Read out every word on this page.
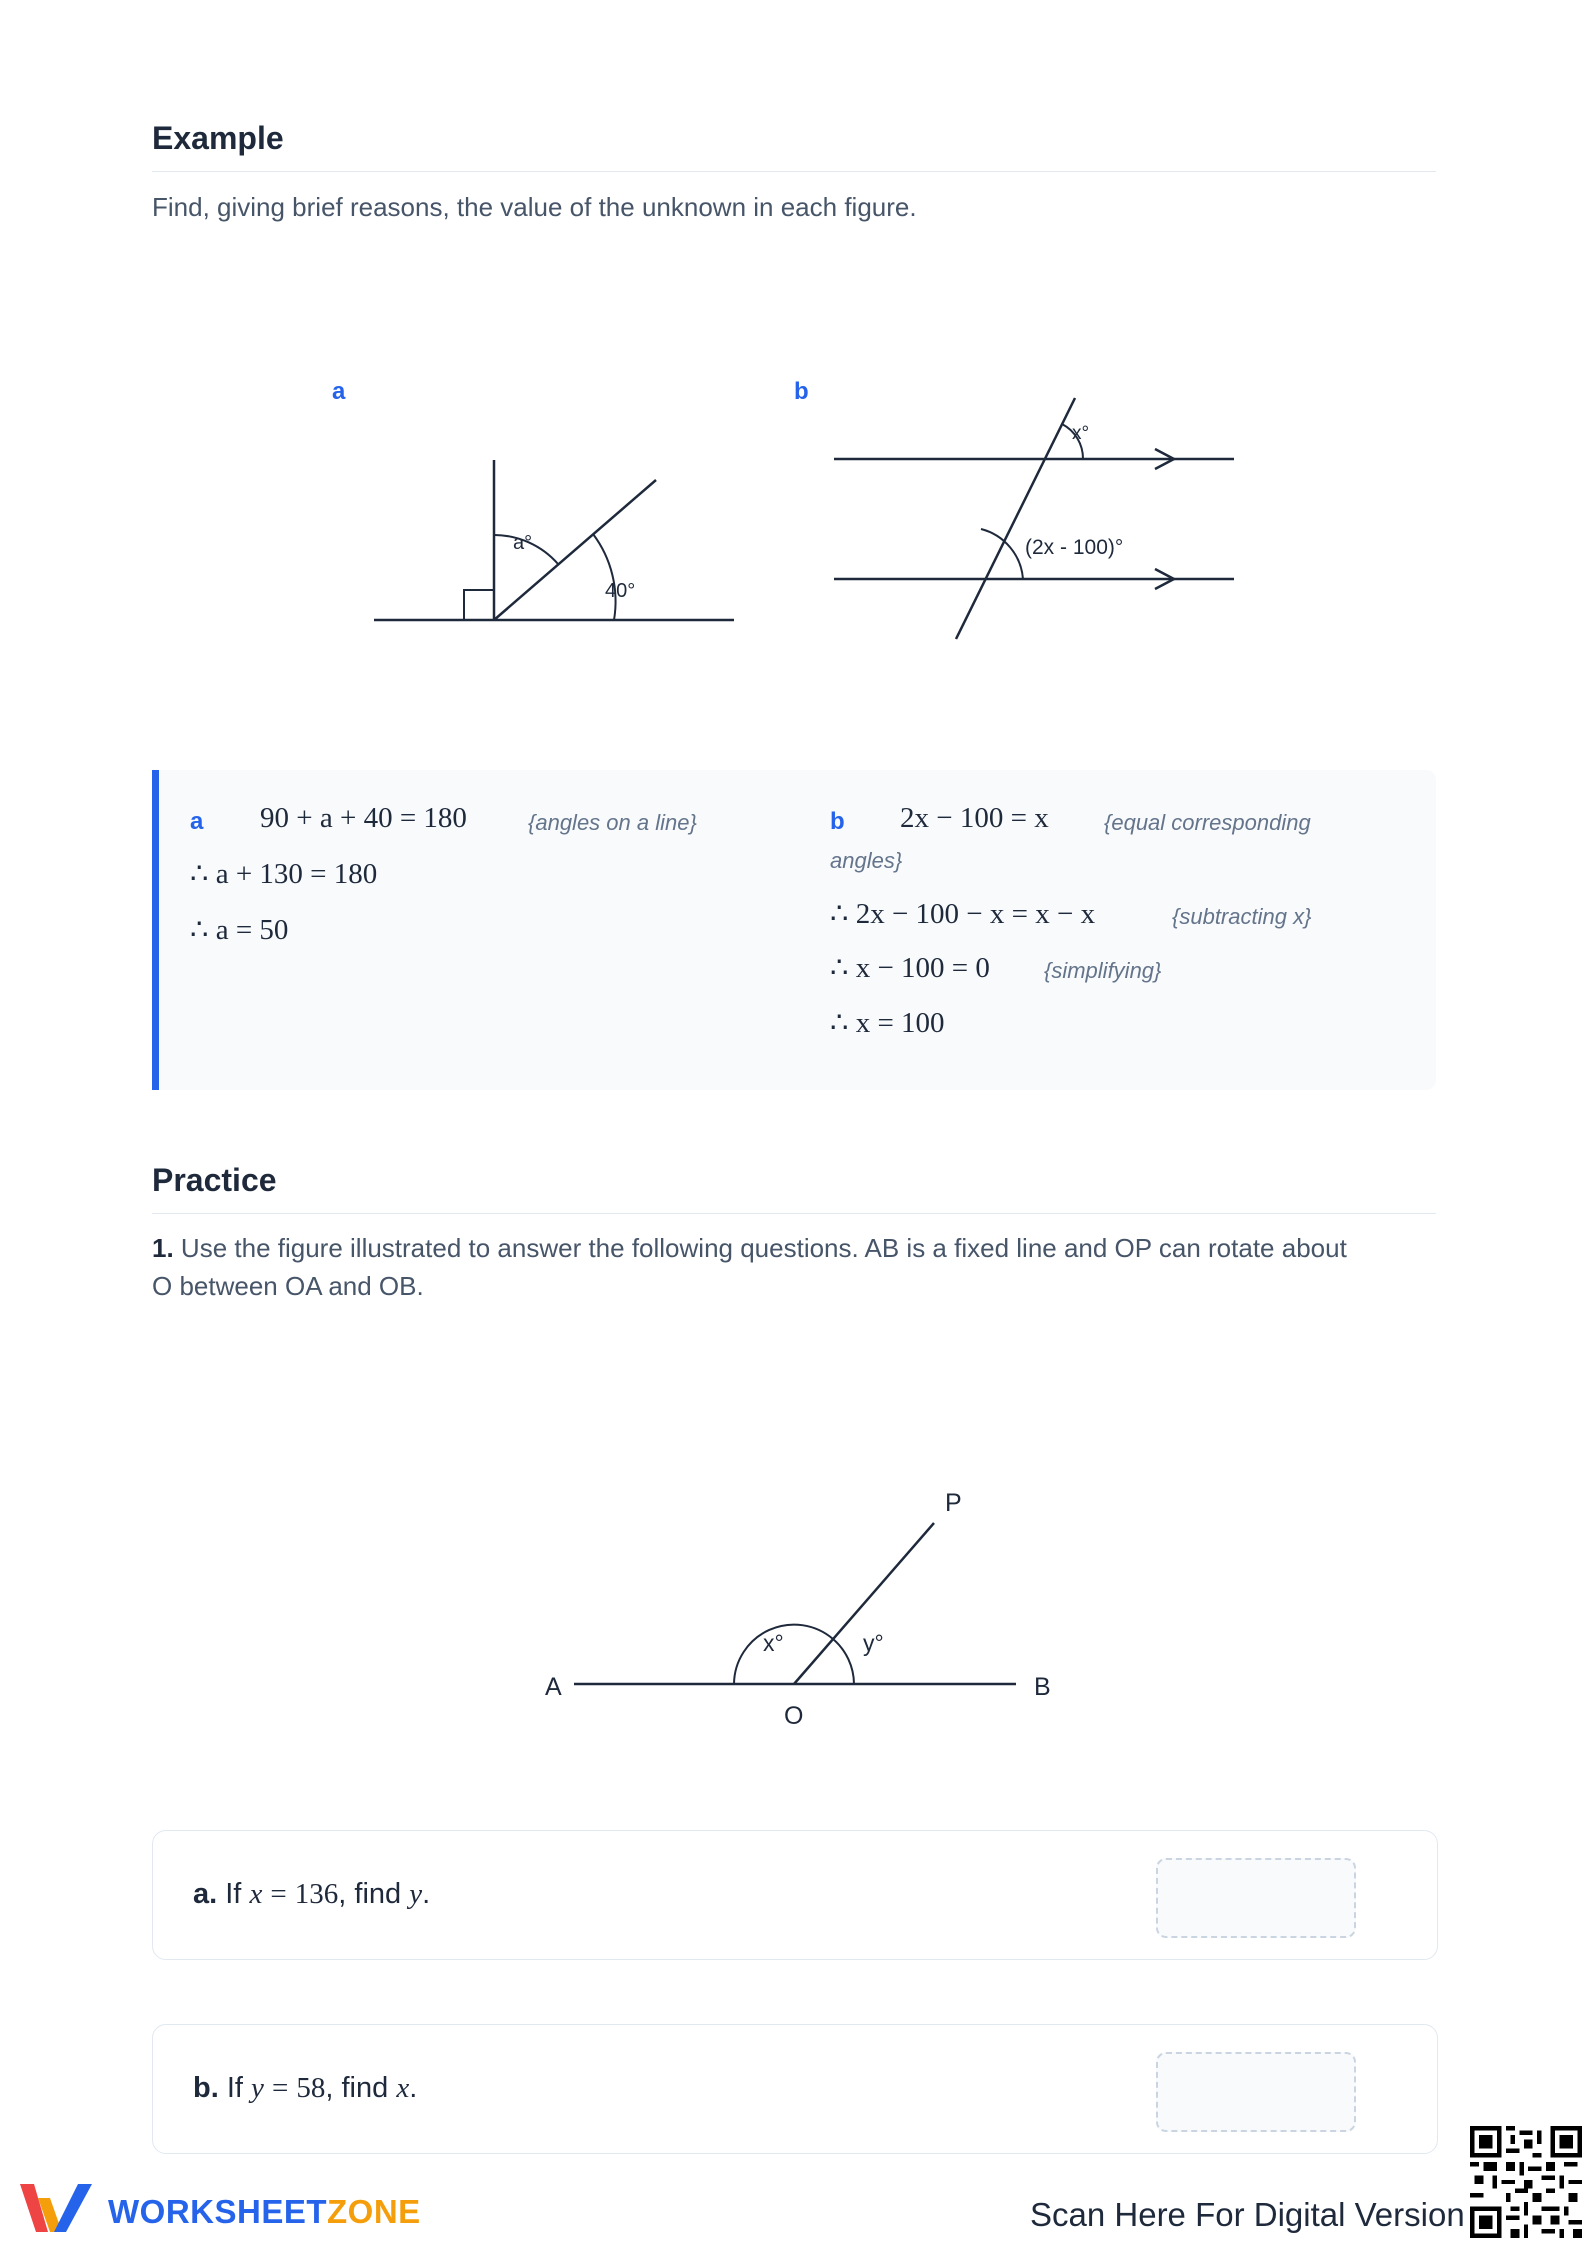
Example
Find, giving brief reasons, the value of the unknown in each figure.
a
a°
40°
b
x°
(2x - 100)°
a 90 + a + 40 = 180	{angles on a line}
∴ a + 130 = 180
∴ a = 50
b 2x − 100 = x	{equal corresponding
angles}
∴ 2x − 100 − x = x − x	{subtracting x}
∴ x − 100 = 0 {simplifying}
∴ x = 100
Practice
1. Use the figure illustrated to answer the following questions. AB is a fixed line and OP can rotate about
O between OA and OB.
A	B
O
P
x°	y°
a. If x = 136, find y.
b. If y = 58, find x.
WORKSHEETZONE	Scan Here For Digital Version
